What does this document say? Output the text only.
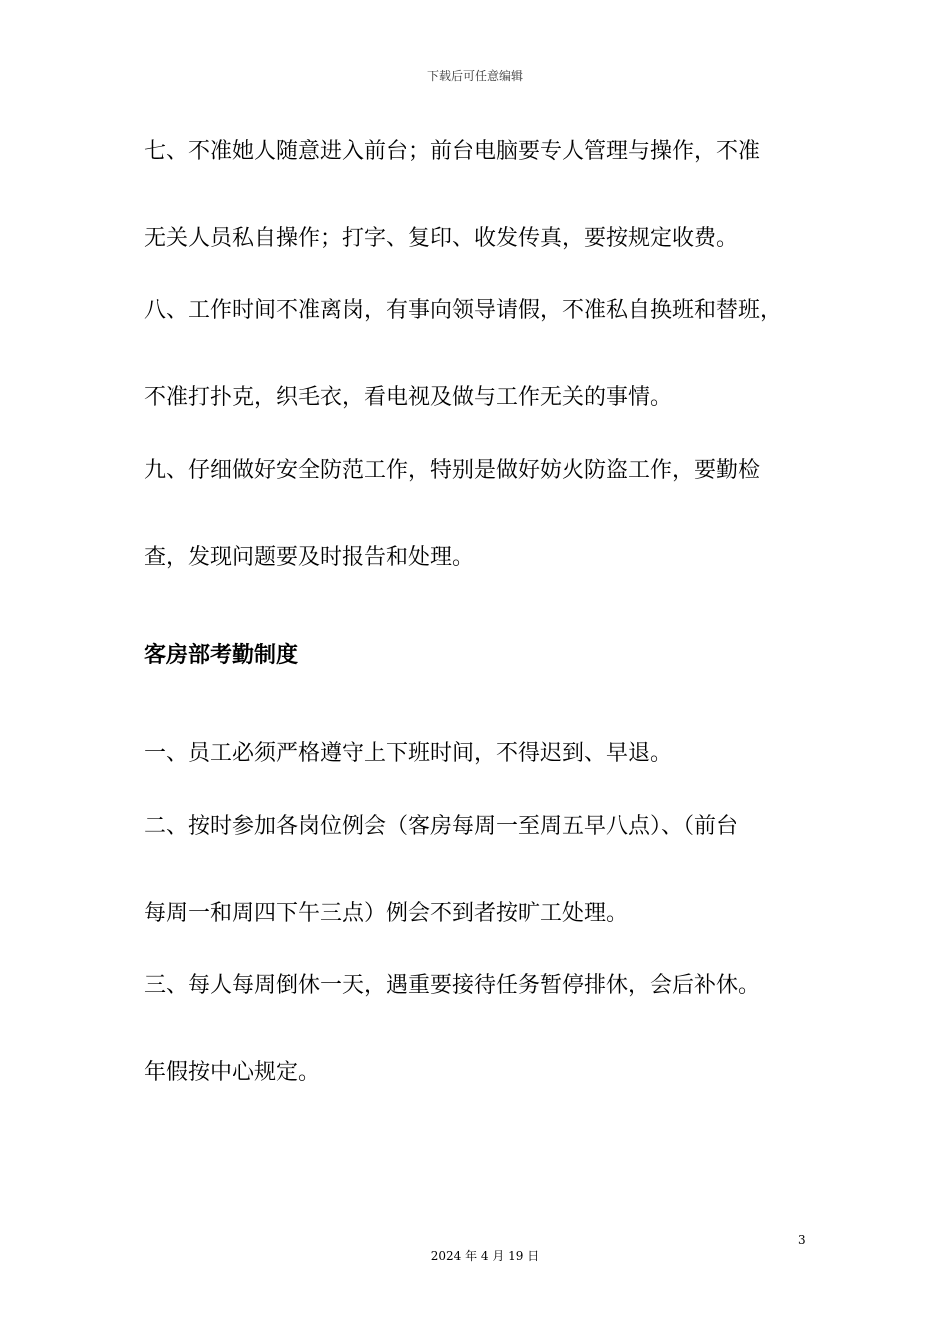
下载后可任意编辑
七、不准她人随意进入前台；前台电脑要专人管理与操作，不准
无关人员私自操作；打字、复印、收发传真，要按规定收费。
八、工作时间不准离岗，有事向领导请假，不准私自换班和替班，
不准打扑克，织毛衣，看电视及做与工作无关的事情。
九、仔细做好安全防范工作，特别是做好妨火防盗工作，要勤检
查，发现问题要及时报告和处理。
客房部考勤制度
一、员工必须严格遵守上下班时间，不得迟到、早退。
二、按时参加各岗位例会（客房每周一至周五早八点）、（前台
每周一和周四下午三点）例会不到者按旷工处理。
三、每人每周倒休一天，遇重要接待任务暂停排休，会后补休。
年假按中心规定。
3
2024 年 4 月 19 日
